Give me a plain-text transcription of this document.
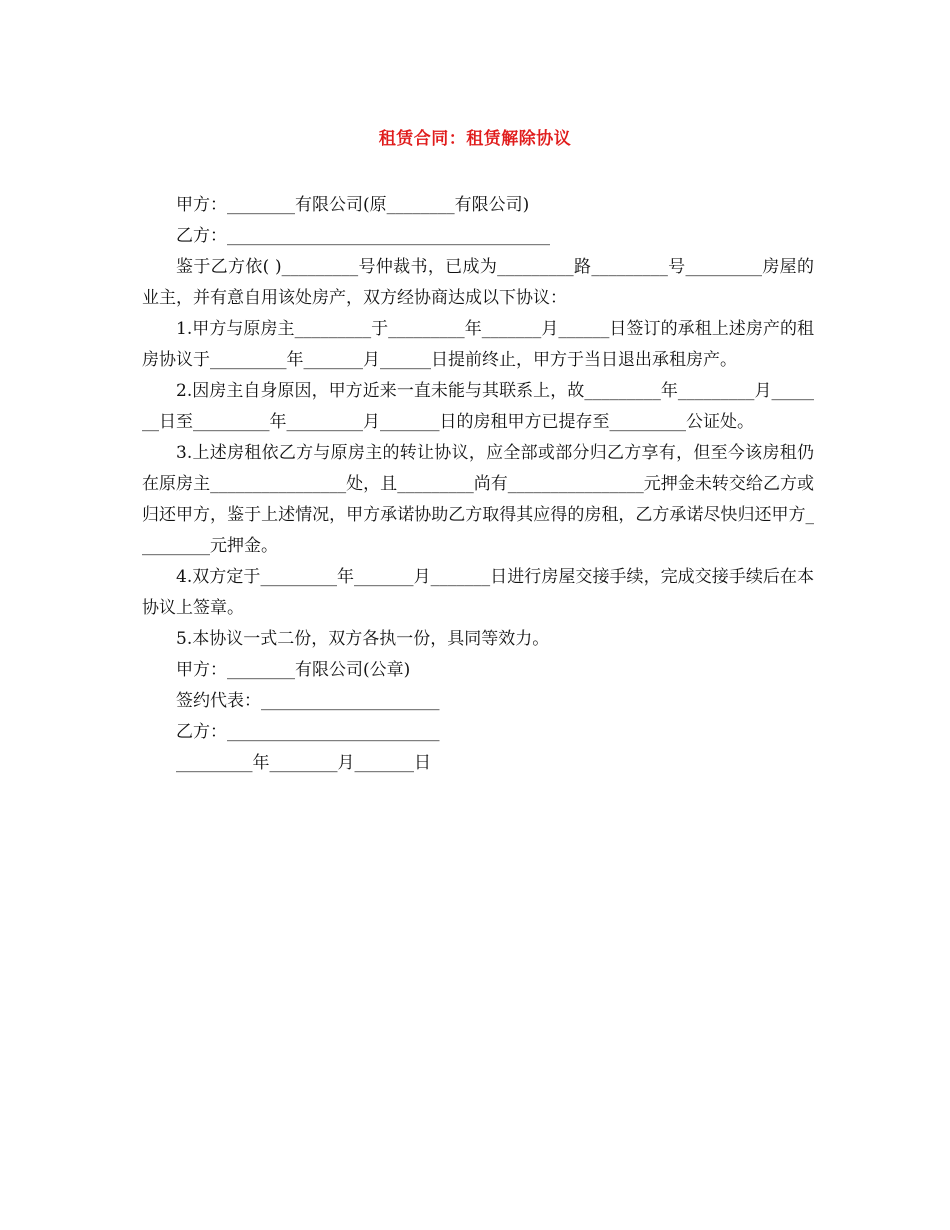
租赁合同：租赁解除协议

甲方：________有限公司(原________有限公司)

乙方：______________________________________

鉴于乙方依( )_________号仲裁书，已成为_________路_________号_________房屋的业主，并有意自用该处房产，双方经协商达成以下协议：

1.甲方与原房主_________于_________年_______月______日签订的承租上述房产的租房协议于_________年_______月______日提前终止，甲方于当日退出承租房产。

2.因房主自身原因，甲方近来一直未能与其联系上，故_________年_________月_______日至_________年_________月_______日的房租甲方已提存至_________公证处。

3.上述房租依乙方与原房主的转让协议，应全部或部分归乙方享有，但至今该房租仍在原房主________________处，且_________尚有________________元押金未转交给乙方或归还甲方，鉴于上述情况，甲方承诺协助乙方取得其应得的房租，乙方承诺尽快归还甲方_________元押金。

4.双方定于_________年_______月_______日进行房屋交接手续，完成交接手续后在本协议上签章。

5.本协议一式二份，双方各执一份，具同等效力。

甲方：________有限公司(公章)

签约代表：_____________________

乙方：_________________________

_________年________月_______日
